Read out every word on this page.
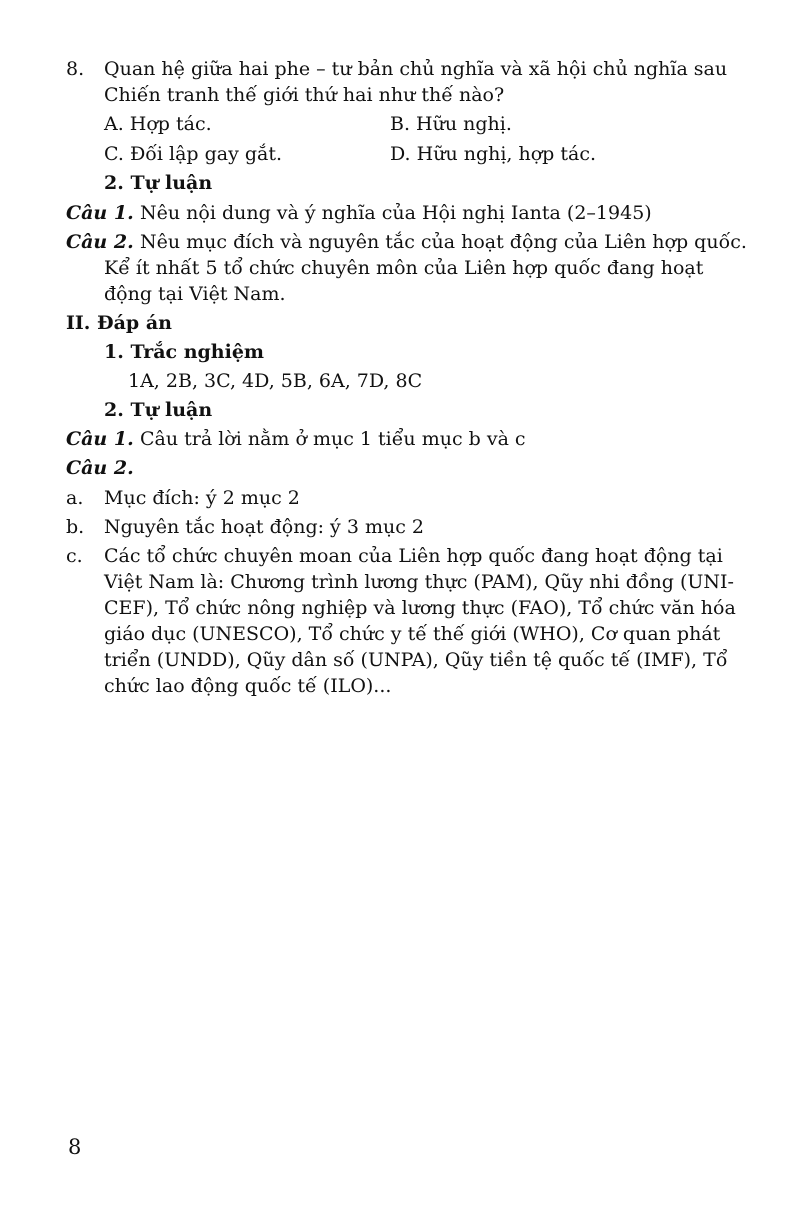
8. Quan hệ giữa hai phe – tư bản chủ nghĩa và xã hội chủ nghĩa sau
Chiến tranh thế giới thứ hai như thế nào?
A. Hợp tác.	B. Hữu nghị.
C. Đối lập gay gắt.	D. Hữu nghị, hợp tác.
2. Tự luận
Câu 1. Nêu nội dung và ý nghĩa của Hội nghị Ianta (2–1945)
Câu 2. Nêu mục đích và nguyên tắc của hoạt động của Liên hợp quốc.
Kể ít nhất 5 tổ chức chuyên môn của Liên hợp quốc đang hoạt
động tại Việt Nam.
II. Đáp án
1. Trắc nghiệm
1A, 2B, 3C, 4D, 5B, 6A, 7D, 8C
2. Tự luận
Câu 1. Câu trả lời nằm ở mục 1 tiểu mục b và c
Câu 2.
a. Mục đích: ý 2 mục 2
b. Nguyên tắc hoạt động: ý 3 mục 2
c. Các tổ chức chuyên moan của Liên hợp quốc đang hoạt động tại
Việt Nam là: Chương trình lương thực (PAM), Qũy nhi đồng (UNI-
CEF), Tổ chức nông nghiệp và lương thực (FAO), Tổ chức văn hóa
giáo dục (UNESCO), Tổ chức y tế thế giới (WHO), Cơ quan phát
triển (UNDD), Qũy dân số (UNPA), Qũy tiền tệ quốc tế (IMF), Tổ
chức lao động quốc tế (ILO)...
8
